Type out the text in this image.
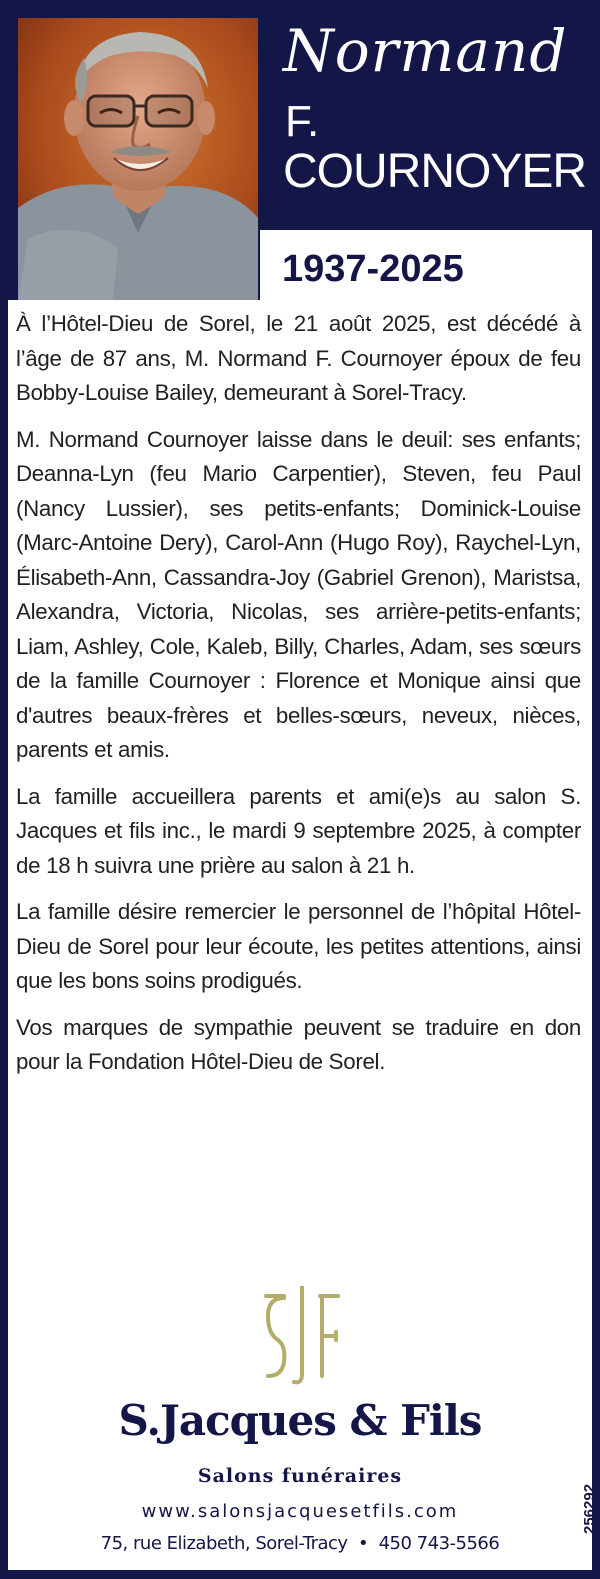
Normand
F.
COURNOYER
1937-2025

À l’Hôtel-Dieu de Sorel, le 21 août 2025, est décédé à l’âge de 87 ans, M. Normand F. Cournoyer époux de feu Bobby-Louise Bailey, demeurant à Sorel-Tracy.

M. Normand Cournoyer laisse dans le deuil: ses enfants; Deanna-Lyn (feu Mario Carpentier), Steven, feu Paul (Nancy Lussier), ses petits-enfants; Dominick-Louise (Marc-Antoine Dery), Carol-Ann (Hugo Roy), Raychel-Lyn, Élisabeth-Ann, Cassandra-Joy (Gabriel Grenon), Maristsa, Alexandra, Victoria, Nicolas, ses arrière-petits-enfants; Liam, Ashley, Cole, Kaleb, Billy, Charles, Adam, ses sœurs de la famille Cournoyer : Florence et Monique ainsi que d'autres beaux-frères et belles-sœurs, neveux, nièces, parents et amis.

La famille accueillera parents et ami(e)s au salon S. Jacques et fils inc., le mardi 9 septembre 2025, à compter de 18 h suivra une prière au salon à 21 h.

La famille désire remercier le personnel de l’hôpital Hôtel-Dieu de Sorel pour leur écoute, les petites attentions, ainsi que les bons soins prodigués.

Vos marques de sympathie peuvent se traduire en don pour la Fondation Hôtel-Dieu de Sorel.

S.Jacques & Fils
Salons funéraires
www.salonsjacquesetfils.com
75, rue Elizabeth, Sorel-Tracy • 450 743-5566
256292
